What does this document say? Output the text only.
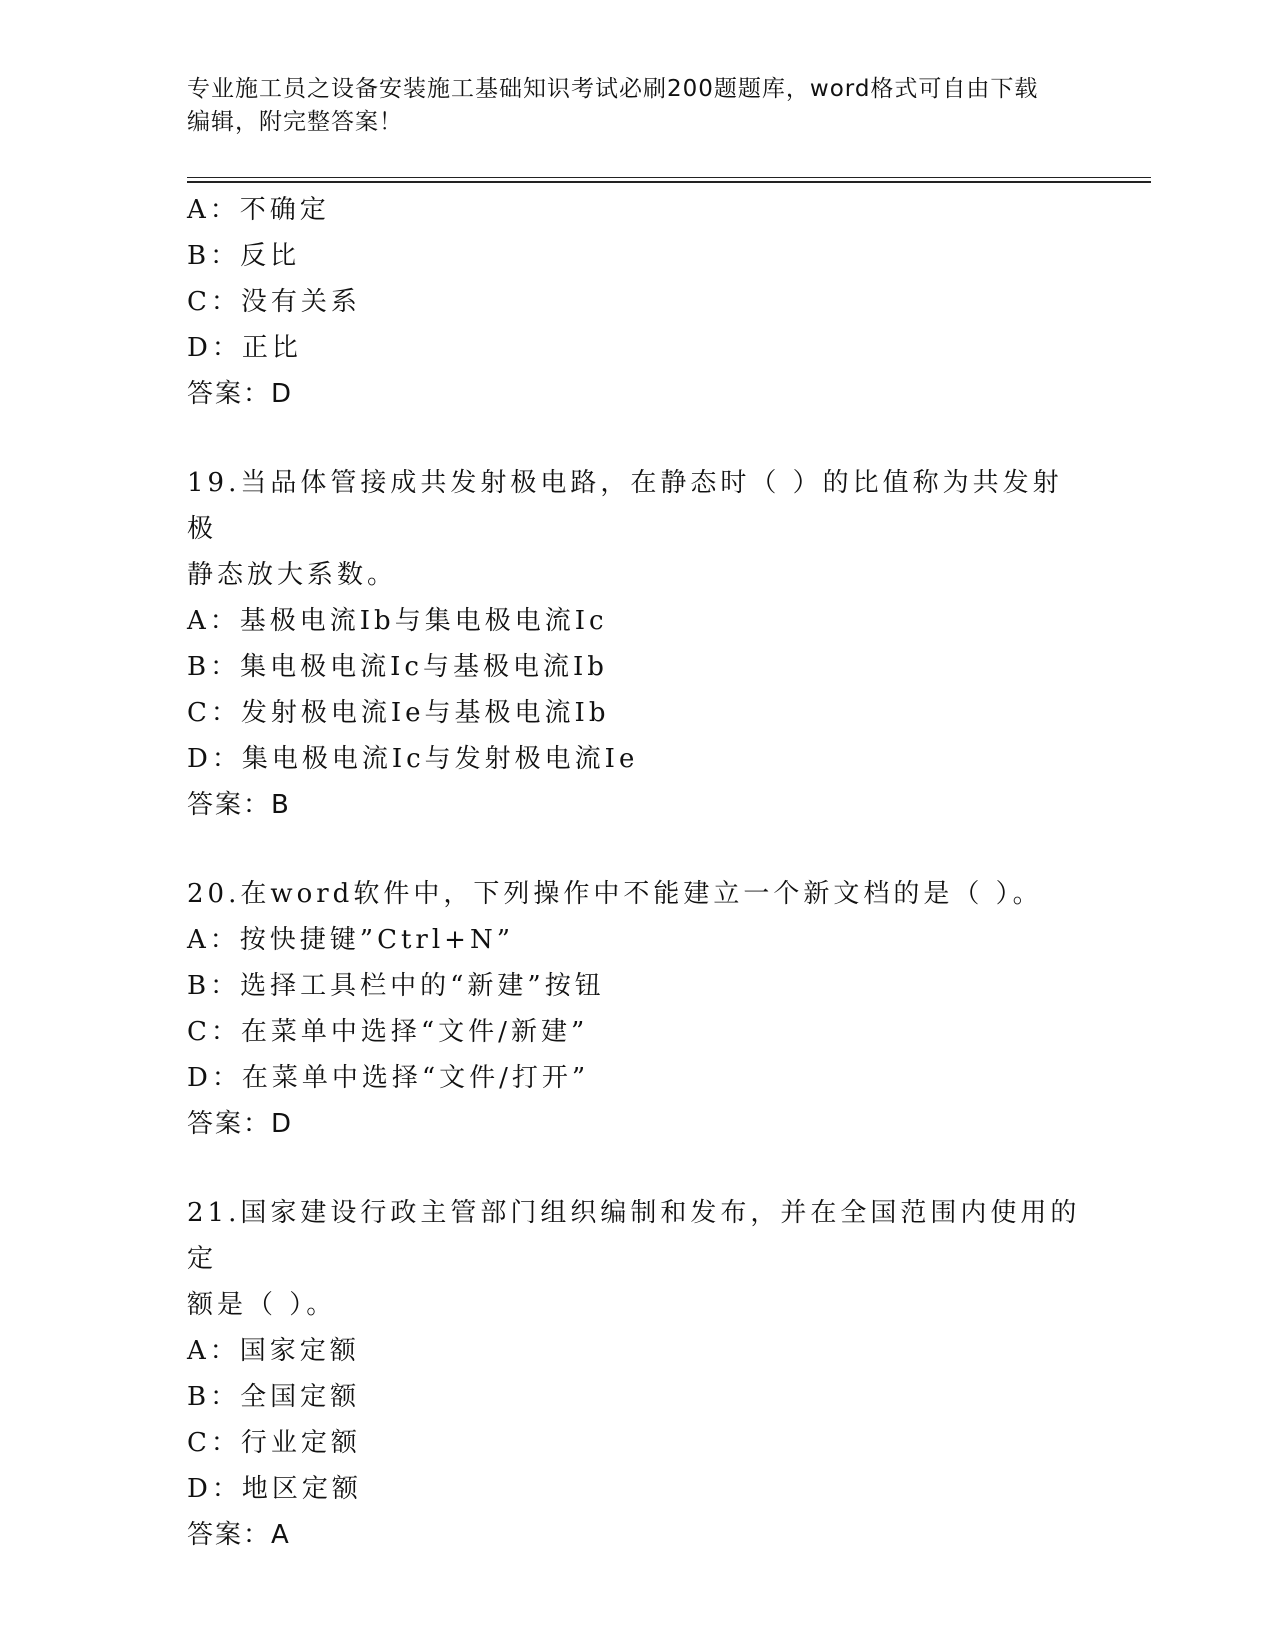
专业施工员之设备安装施工基础知识考试必刷200题题库，word格式可自由下载
编辑，附完整答案！
A：不确定
B：反比
C：没有关系
D：正比
答案：D
19.当品体管接成共发射极电路，在静态时（ ）的比值称为共发射极
静态放大系数。
A：基极电流Ib与集电极电流Ic
B：集电极电流Ic与基极电流Ib
C：发射极电流Ie与基极电流Ib
D：集电极电流Ic与发射极电流Ie
答案：B
20.在word软件中，下列操作中不能建立一个新文档的是（ ）。
A：按快捷键”Ctrl+N”
B：选择工具栏中的“新建”按钮
C：在菜单中选择“文件/新建”
D：在菜单中选择“文件/打开”
答案：D
21.国家建设行政主管部门组织编制和发布，并在全国范围内使用的定
额是（ ）。
A：国家定额
B：全国定额
C：行业定额
D：地区定额
答案：A
